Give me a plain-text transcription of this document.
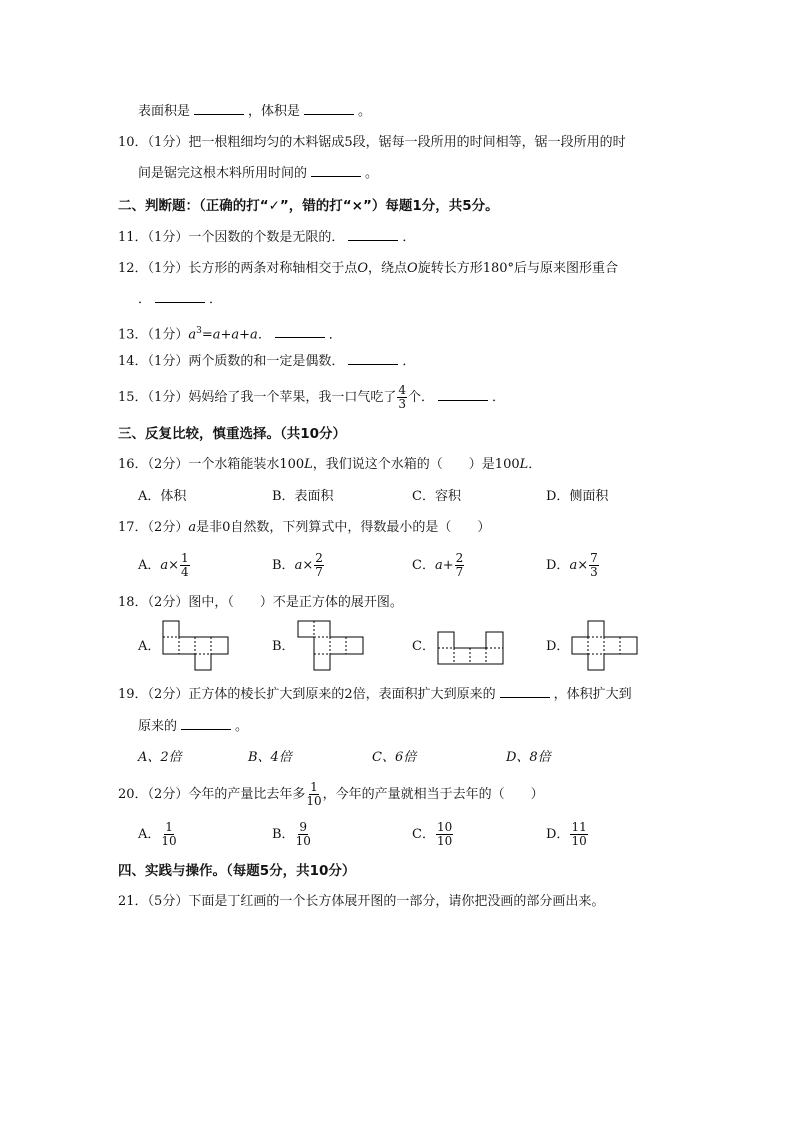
表面积是	，体积是	。
10．（1分）把一根粗细均匀的木料锯成5段，锯每一段所用的时间相等，锯一段所用的时
间是锯完这根木料所用时间的	。
二、判断题：（正确的打“✓”，错的打“×”）每题1分，共5分。
11．（1分）一个因数的个数是无限的．	．
12．（1分）长方形的两条对称轴相交于点O，绕点O旋转长方形180°后与原来图形重合
．	．
13．（1分）$a^3=a+a+a$．	．
14．（1分）两个质数的和一定是偶数．	．
15．（1分）妈妈给了我一个苹果，我一口气吃了 $\frac{4}{3}$ 个．	．
三、反复比较，慎重选择。（共10分）
16．（2分）一个水箱能装水100L，我们说这个水箱的（　　）是100L．
A．体积	B．表面积	C．容积	D．侧面积
17．（2分）a是非0自然数，下列算式中，得数最小的是（　　）
A．$a\times \frac{1}{4}$	B．$a\times \frac{2}{7}$	C．$a+ \frac{2}{7}$	D．$a\times \frac{7}{3}$
18．（2分）图中，（　　）不是正方体的展开图。
A．	B．	C．	D．
19．（2分）正方体的棱长扩大到原来的2倍，表面积扩大到原来的	，体积扩大到
原来的	。
A、2倍	B、4倍	C、6倍	D、8倍
20．（2分）今年的产量比去年多 $\frac{1}{10}$ ，今年的产量就相当于去年的（　　）
A． $\frac{1}{10}$	B． $\frac{9}{10}$	C． $\frac{10}{10}$	D． $\frac{11}{10}$
四、实践与操作。（每题5分，共10分）
21．（5分）下面是丁红画的一个长方体展开图的一部分，请你把没画的部分画出来。
